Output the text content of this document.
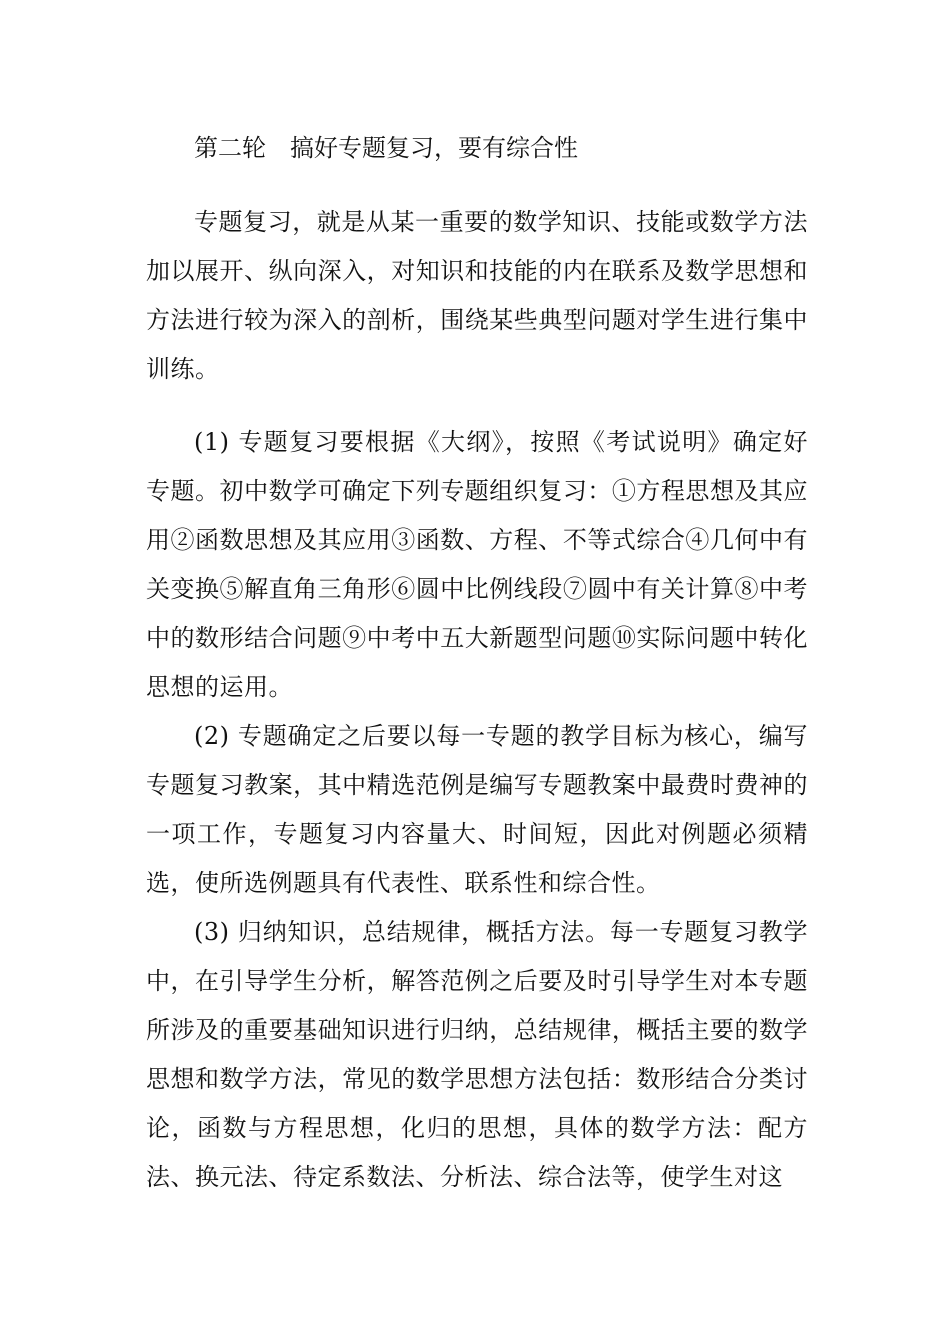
第二轮　搞好专题复习，要有综合性

专题复习，就是从某一重要的数学知识、技能或数学方法加以展开、纵向深入，对知识和技能的内在联系及数学思想和方法进行较为深入的剖析，围绕某些典型问题对学生进行集中训练。

(1) 专题复习要根据《大纲》，按照《考试说明》确定好专题。初中数学可确定下列专题组织复习：①方程思想及其应用②函数思想及其应用③函数、方程、不等式综合④几何中有关变换⑤解直角三角形⑥圆中比例线段⑦圆中有关计算⑧中考中的数形结合问题⑨中考中五大新题型问题⑩实际问题中转化思想的运用。

(2) 专题确定之后要以每一专题的教学目标为核心，编写专题复习教案，其中精选范例是编写专题教案中最费时费神的一项工作，专题复习内容量大、时间短，因此对例题必须精选，使所选例题具有代表性、联系性和综合性。

(3) 归纳知识，总结规律，概括方法。每一专题复习教学中，在引导学生分析，解答范例之后要及时引导学生对本专题所涉及的重要基础知识进行归纳，总结规律，概括主要的数学思想和数学方法，常见的数学思想方法包括：数形结合分类讨论，函数与方程思想，化归的思想，具体的数学方法：配方法、换元法、待定系数法、分析法、综合法等，使学生对这
